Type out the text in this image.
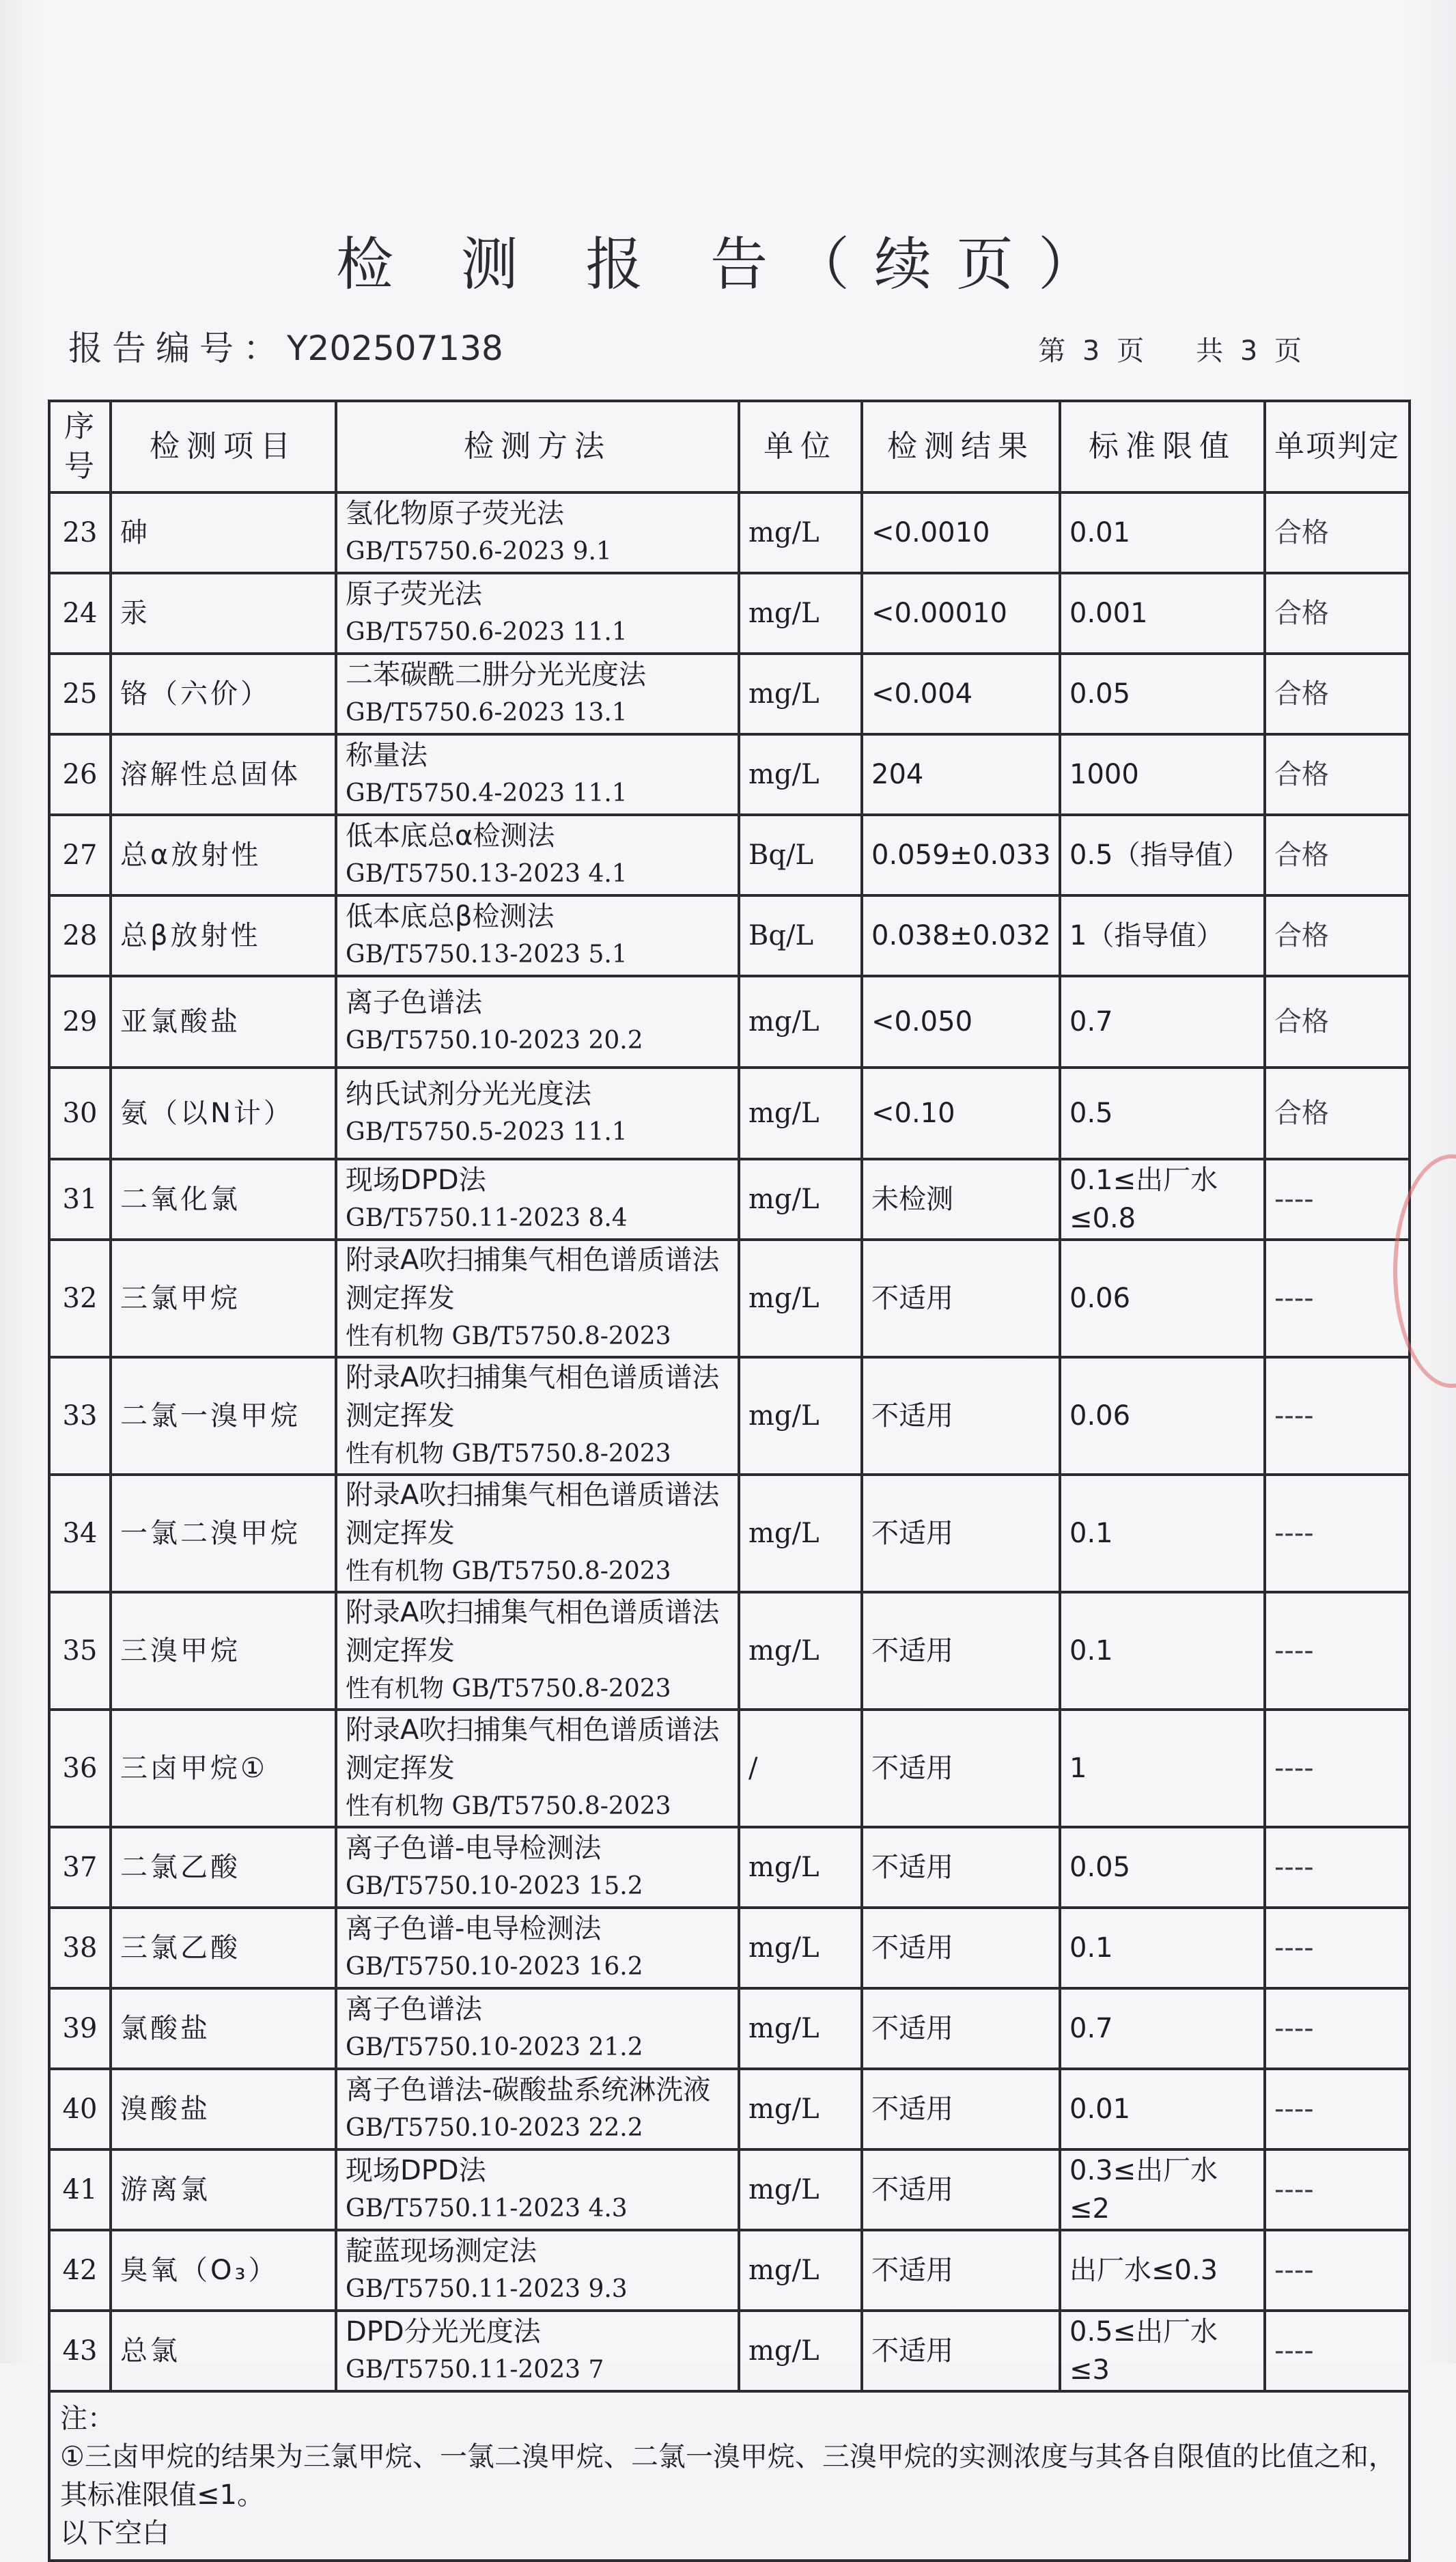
检 测 报 告（续页）
报告编号：Y202507138	第 3 页 共 3 页
序号	检测项目	检测方法	单位	检测结果	标准限值	单项判定
23	砷	氢化物原子荧光法
GB/T5750.6-2023 9.1	mg/L	<0.0010	0.01	合格
24	汞	原子荧光法
GB/T5750.6-2023 11.1	mg/L	<0.00010	0.001	合格
25	铬（六价）	二苯碳酰二肼分光光度法
GB/T5750.6-2023 13.1	mg/L	<0.004	0.05	合格
26	溶解性总固体	称量法
GB/T5750.4-2023 11.1	mg/L	204	1000	合格
27	总α放射性	低本底总α检测法
GB/T5750.13-2023 4.1	Bq/L	0.059±0.033	0.5（指导值）	合格
28	总β放射性	低本底总β检测法
GB/T5750.13-2023 5.1	Bq/L	0.038±0.032	1（指导值）	合格
29	亚氯酸盐	离子色谱法
GB/T5750.10-2023 20.2	mg/L	<0.050	0.7	合格
30	氨（以N计）	纳氏试剂分光光度法
GB/T5750.5-2023 11.1	mg/L	<0.10	0.5	合格
31	二氧化氯	现场DPD法
GB/T5750.11-2023 8.4	mg/L	未检测	0.1≤出厂水≤0.8	----
32	三氯甲烷	附录A吹扫捕集气相色谱质谱法测定挥发
性有机物 GB/T5750.8-2023	mg/L	不适用	0.06	----
33	二氯一溴甲烷	附录A吹扫捕集气相色谱质谱法测定挥发
性有机物 GB/T5750.8-2023	mg/L	不适用	0.06	----
34	一氯二溴甲烷	附录A吹扫捕集气相色谱质谱法测定挥发
性有机物 GB/T5750.8-2023	mg/L	不适用	0.1	----
35	三溴甲烷	附录A吹扫捕集气相色谱质谱法测定挥发
性有机物 GB/T5750.8-2023	mg/L	不适用	0.1	----
36	三卤甲烷①	附录A吹扫捕集气相色谱质谱法测定挥发
性有机物 GB/T5750.8-2023	/	不适用	1	----
37	二氯乙酸	离子色谱-电导检测法
GB/T5750.10-2023 15.2	mg/L	不适用	0.05	----
38	三氯乙酸	离子色谱-电导检测法
GB/T5750.10-2023 16.2	mg/L	不适用	0.1	----
39	氯酸盐	离子色谱法
GB/T5750.10-2023 21.2	mg/L	不适用	0.7	----
40	溴酸盐	离子色谱法-碳酸盐系统淋洗液
GB/T5750.10-2023 22.2	mg/L	不适用	0.01	----
41	游离氯	现场DPD法
GB/T5750.11-2023 4.3	mg/L	不适用	0.3≤出厂水≤2	----
42	臭氧（O₃）	靛蓝现场测定法
GB/T5750.11-2023 9.3	mg/L	不适用	出厂水≤0.3	----
43	总氯	DPD分光光度法
GB/T5750.11-2023 7	mg/L	不适用	0.5≤出厂水≤3	----

注：
①三卤甲烷的结果为三氯甲烷、一氯二溴甲烷、二氯一溴甲烷、三溴甲烷的实测浓度与其各自限值的比值之和，其标准限值≤1。
以下空白						
